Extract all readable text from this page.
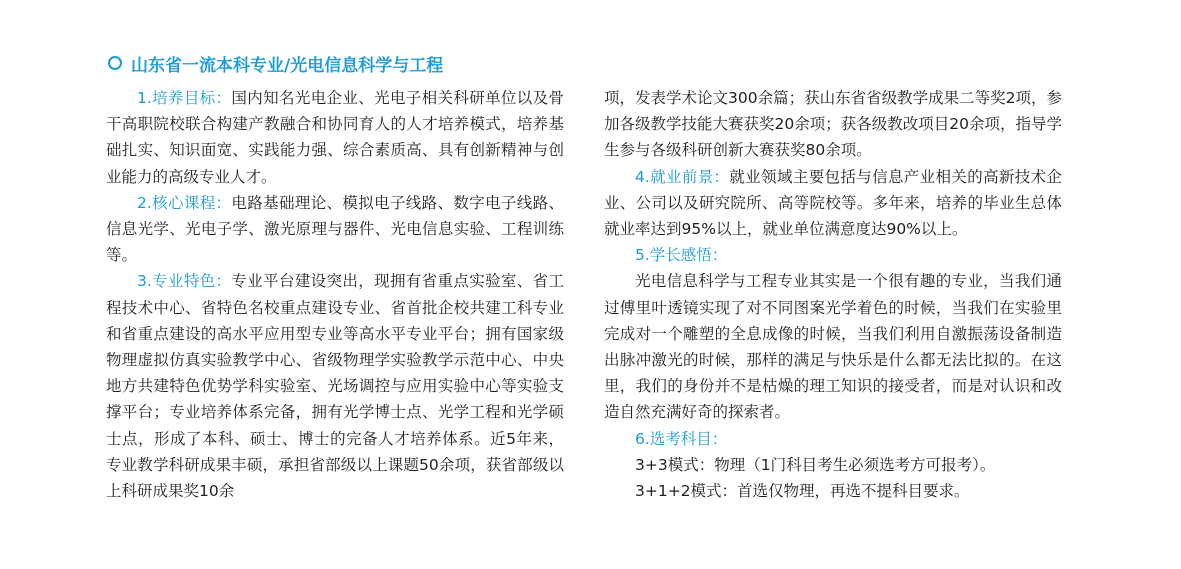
山东省一流本科专业/光电信息科学与工程

1.培养目标：国内知名光电企业、光电子相关科研单位以及骨干高职院校联合构建产教融合和协同育人的人才培养模式，培养基础扎实、知识面宽、实践能力强、综合素质高、具有创新精神与创业能力的高级专业人才。

2.核心课程：电路基础理论、模拟电子线路、数字电子线路、信息光学、光电子学、激光原理与器件、光电信息实验、工程训练等。

3.专业特色：专业平台建设突出，现拥有省重点实验室、省工程技术中心、省特色名校重点建设专业、省首批企校共建工科专业和省重点建设的高水平应用型专业等高水平专业平台；拥有国家级物理虚拟仿真实验教学中心、省级物理学实验教学示范中心、中央地方共建特色优势学科实验室、光场调控与应用实验中心等实验支撑平台；专业培养体系完备，拥有光学博士点、光学工程和光学硕士点，形成了本科、硕士、博士的完备人才培养体系。近5年来，专业教学科研成果丰硕，承担省部级以上课题50余项，获省部级以上科研成果奖10余

项，发表学术论文300余篇；获山东省省级教学成果二等奖2项，参加各级教学技能大赛获奖20余项；获各级教改项目20余项，指导学生参与各级科研创新大赛获奖80余项。

4.就业前景：就业领域主要包括与信息产业相关的高新技术企业、公司以及研究院所、高等院校等。多年来，培养的毕业生总体就业率达到95%以上，就业单位满意度达90%以上。

5.学长感悟：

光电信息科学与工程专业其实是一个很有趣的专业，当我们通过傅里叶透镜实现了对不同图案光学着色的时候，当我们在实验里完成对一个雕塑的全息成像的时候，当我们利用自激振荡设备制造出脉冲激光的时候，那样的满足与快乐是什么都无法比拟的。在这里，我们的身份并不是枯燥的理工知识的接受者，而是对认识和改造自然充满好奇的探索者。

6.选考科目：

3+3模式：物理（1门科目考生必须选考方可报考）。

3+1+2模式：首选仅物理，再选不提科目要求。
